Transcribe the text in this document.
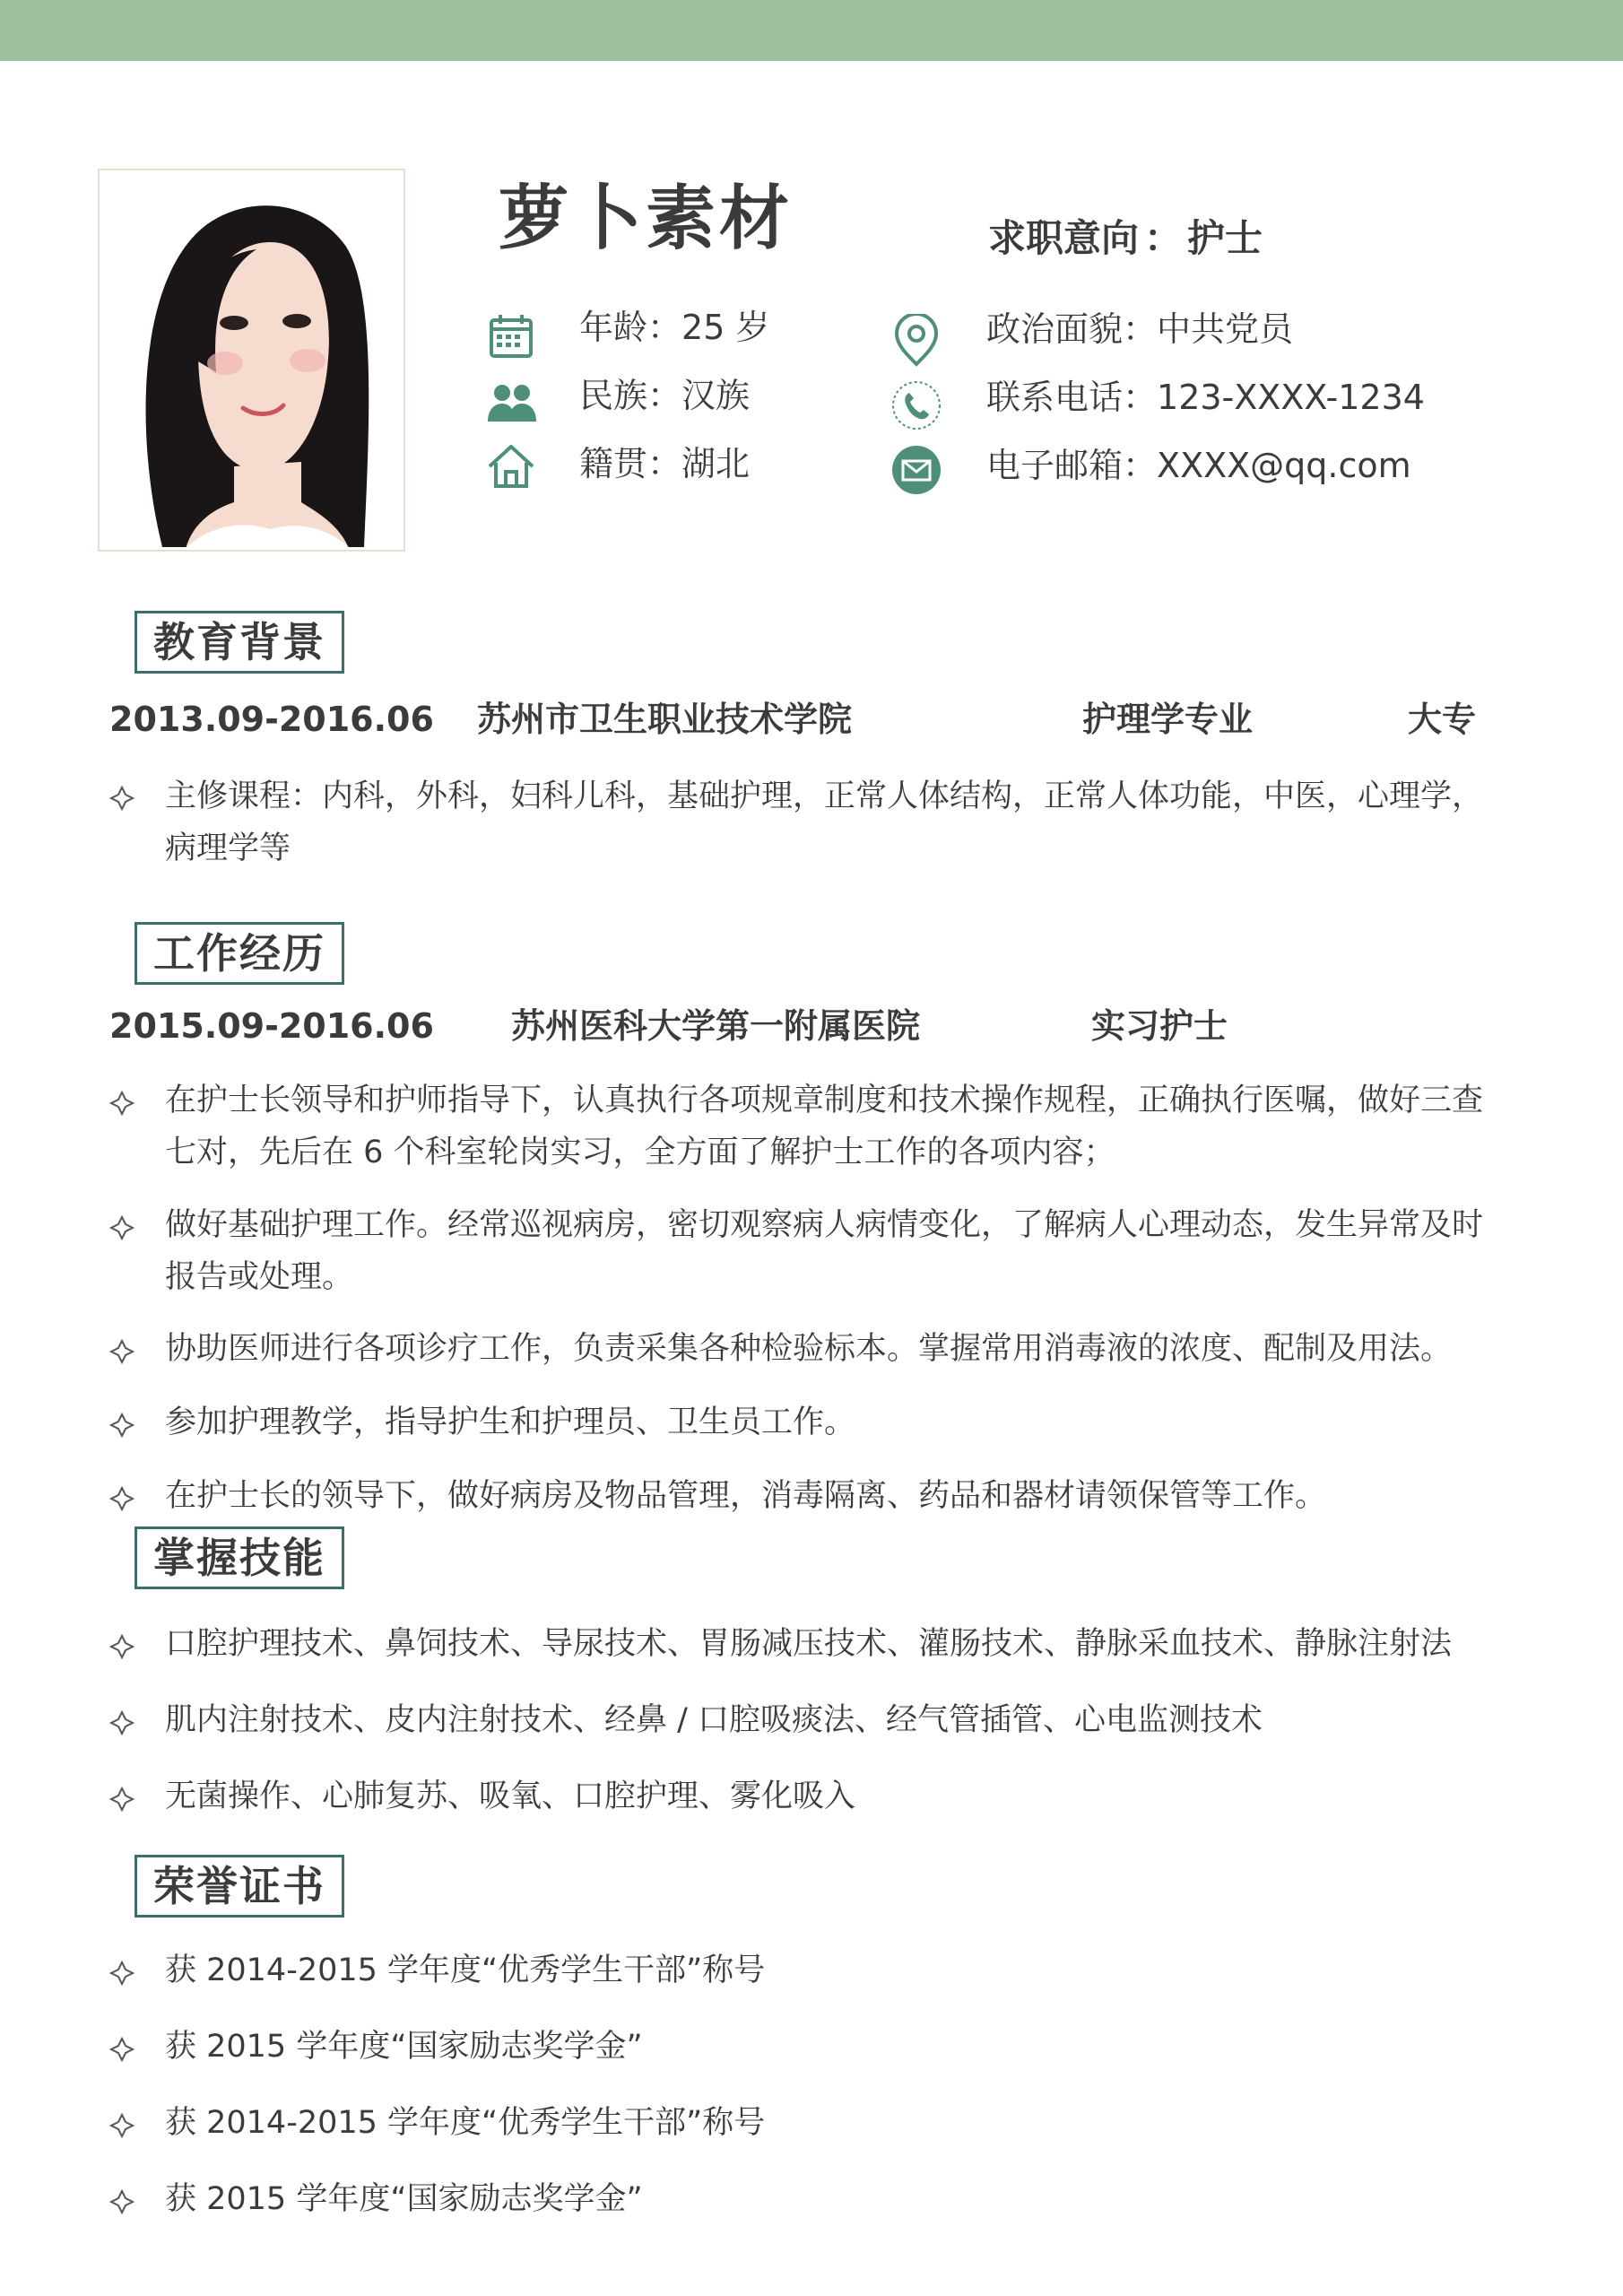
萝卜素材	求职意向 ： 护士
年龄：25 岁
民族：汉族
籍贯：湖北
政治面貌：中共党员
联系电话：123-XXXX-1234
电子邮箱：XXXX@qq.com
教育背景
2013.09-2016.06 苏州市卫生职业技术学院	护理学专业	大专
主修课程：内科，外科，妇科儿科，基础护理，正常人体结构，正常人体功能，中医，心理学，病理学等
工作经历
2015.09-2016.06 苏州医科大学第一附属医院	实习护士
在护士长领导和护师指导下，认真执行各项规章制度和技术操作规程，正确执行医嘱，做好三查七对，先后在 6 个科室轮岗实习，全方面了解护士工作的各项内容；
做好基础护理工作。经常巡视病房，密切观察病人病情变化，了解病人心理动态，发生异常及时报告或处理。
协助医师进行各项诊疗工作，负责采集各种检验标本。掌握常用消毒液的浓度、配制及用法。
参加护理教学，指导护生和护理员、卫生员工作。
在护士长的领导下，做好病房及物品管理，消毒隔离、药品和器材请领保管等工作。
掌握技能
口腔护理技术、鼻饲技术、导尿技术、胃肠减压技术、灌肠技术、静脉采血技术、静脉注射法
肌内注射技术、皮内注射技术、经鼻 / 口腔吸痰法、经气管插管、心电监测技术
无菌操作、心肺复苏、吸氧、口腔护理、雾化吸入
荣誉证书
获 2014-2015 学年度“优秀学生干部”称号
获 2015 学年度“国家励志奖学金”
获 2014-2015 学年度“优秀学生干部”称号
获 2015 学年度“国家励志奖学金”
